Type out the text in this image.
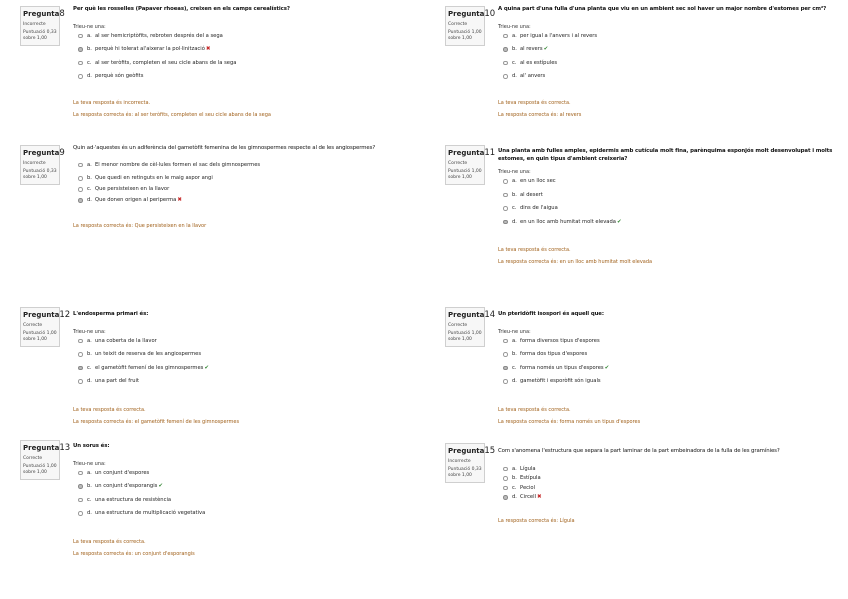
Pregunta8
Incorrecte
Puntuació 0,33
sobre 1,00
Per què les rosselles (Papaver rhoeas), creixen en els camps cerealístics?
Trieu-ne una:
a. al ser hemicriptòfits, rebroten després del a sega
b. perquè hi tolerat al'aixerar la pol·linització✖
c. al ser teròfits, completen el seu cicle abans de la sega
d. perquè són geòfits
La teva resposta és incorrecta.
La resposta correcta és: al ser teròfits, completen el seu cicle abans de la sega
Pregunta9
Incorrecte
Puntuació 0,33
sobre 1,00
Quin ad·'aquestes és un adiferència del gametòfit femenina de les gimnospermes respecte al de les angiospermes?
a. El menor nombre de cèl·lules formen el sac dels gimnospermes
b. Que quedi en retinguts en le maig aspor angi
c. Que persisteixen en la llavor
d. Que donen origen al periperma✖
La resposta correcta és: Que persisteixen en la llavor
Pregunta12
Correcte
Puntuació 1,00
sobre 1,00
L'endosperma primari és:
Trieu-ne una:
a. una coberta de la llavor
b. un teixit de reserva de les angiospermes
c. el gametòfit femení de les gimnospermes✔
d. una part del fruit
La teva resposta és correcta.
La resposta correcta és: el gametòfit femení de les gimnospermes
Pregunta13
Correcte
Puntuació 1,00
sobre 1,00
Un sorus és:
Trieu-ne una:
a. un conjunt d'espores
b. un conjunt d'esporangis✔
c. una estructura de resistència
d. una estructura de multiplicació vegetativa
La teva resposta és correcta.
La resposta correcta és: un conjunt d'esporangis
Pregunta10
Correcte
Puntuació 1,00
sobre 1,00
A quina part d'una fulla d'una planta que viu en un ambient sec sol haver un major nombre d'estomes per cm²?
Trieu-ne una:
a. per igual a l'anvers i al revers
b. al revers✔
c. al es estípules
d. al' anvers
La teva resposta és correcta.
La resposta correcta és: al revers
Pregunta11
Correcte
Puntuació 1,00
sobre 1,00
Una planta amb fulles amples, epidermis amb cutícula molt fina, parènquima esponjós molt desenvolupat i molts estomes, en quin tipus d'ambient creixeria?
Trieu-ne una:
a. en un lloc sec
b. al desert
c. dins de l'aigua
d. en un lloc amb humitat molt elevada✔
La teva resposta és correcta.
La resposta correcta és: en un lloc amb humitat molt elevada
Pregunta14
Correcte
Puntuació 1,00
sobre 1,00
Un pteridòfit isospori és aquell que:
Trieu-ne una:
a. forma diversos tipus d'espores
b. forma dos tipus d'espores
c. forma només un tipus d'espores✔
d. gametòfit i esporòfit són iguals
La teva resposta és correcta.
La resposta correcta és: forma només un tipus d'espores
Pregunta15
Incorrecte
Puntuació 0,33
sobre 1,00
Com s'anomena l'estructura que separa la part laminar de la part embeinadora de la fulla de les gramínies?
a. Lígula
b. Estípula
c. Peciol
d. Circell✖
La resposta correcta és: Lígula
